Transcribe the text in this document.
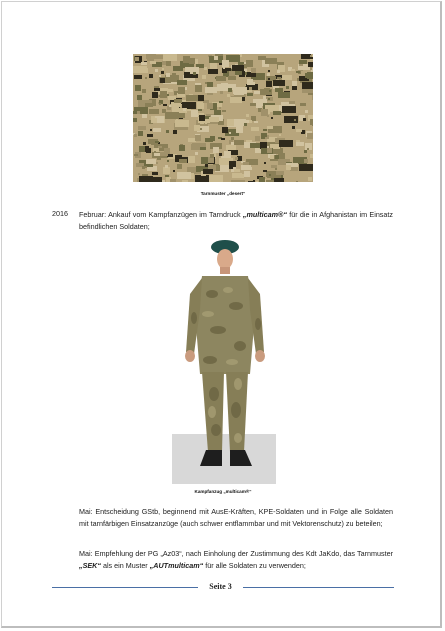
Tarnmuster „desert“
2016 Februar: Ankauf vom Kampfanzügen im Tarndruck „multicam®“ für die in Afghanistan im Einsatz befindlichen Soldaten;
Kampfanzug „multicam®“
Mai: Entscheidung GStb, beginnend mit AusE-Kräften, KPE-Soldaten und in Folge alle Soldaten mit tarnfärbigen Einsatzanzüge (auch schwer entflammbar und mit Vektorenschutz) zu beteilen;
Mai: Empfehlung der PG „Az03“, nach Einholung der Zustimmung des Kdt JaKdo, das Tarnmuster „SEK“ als ein Muster „AUTmulticam“ für alle Soldaten zu verwenden;
Seite 3
